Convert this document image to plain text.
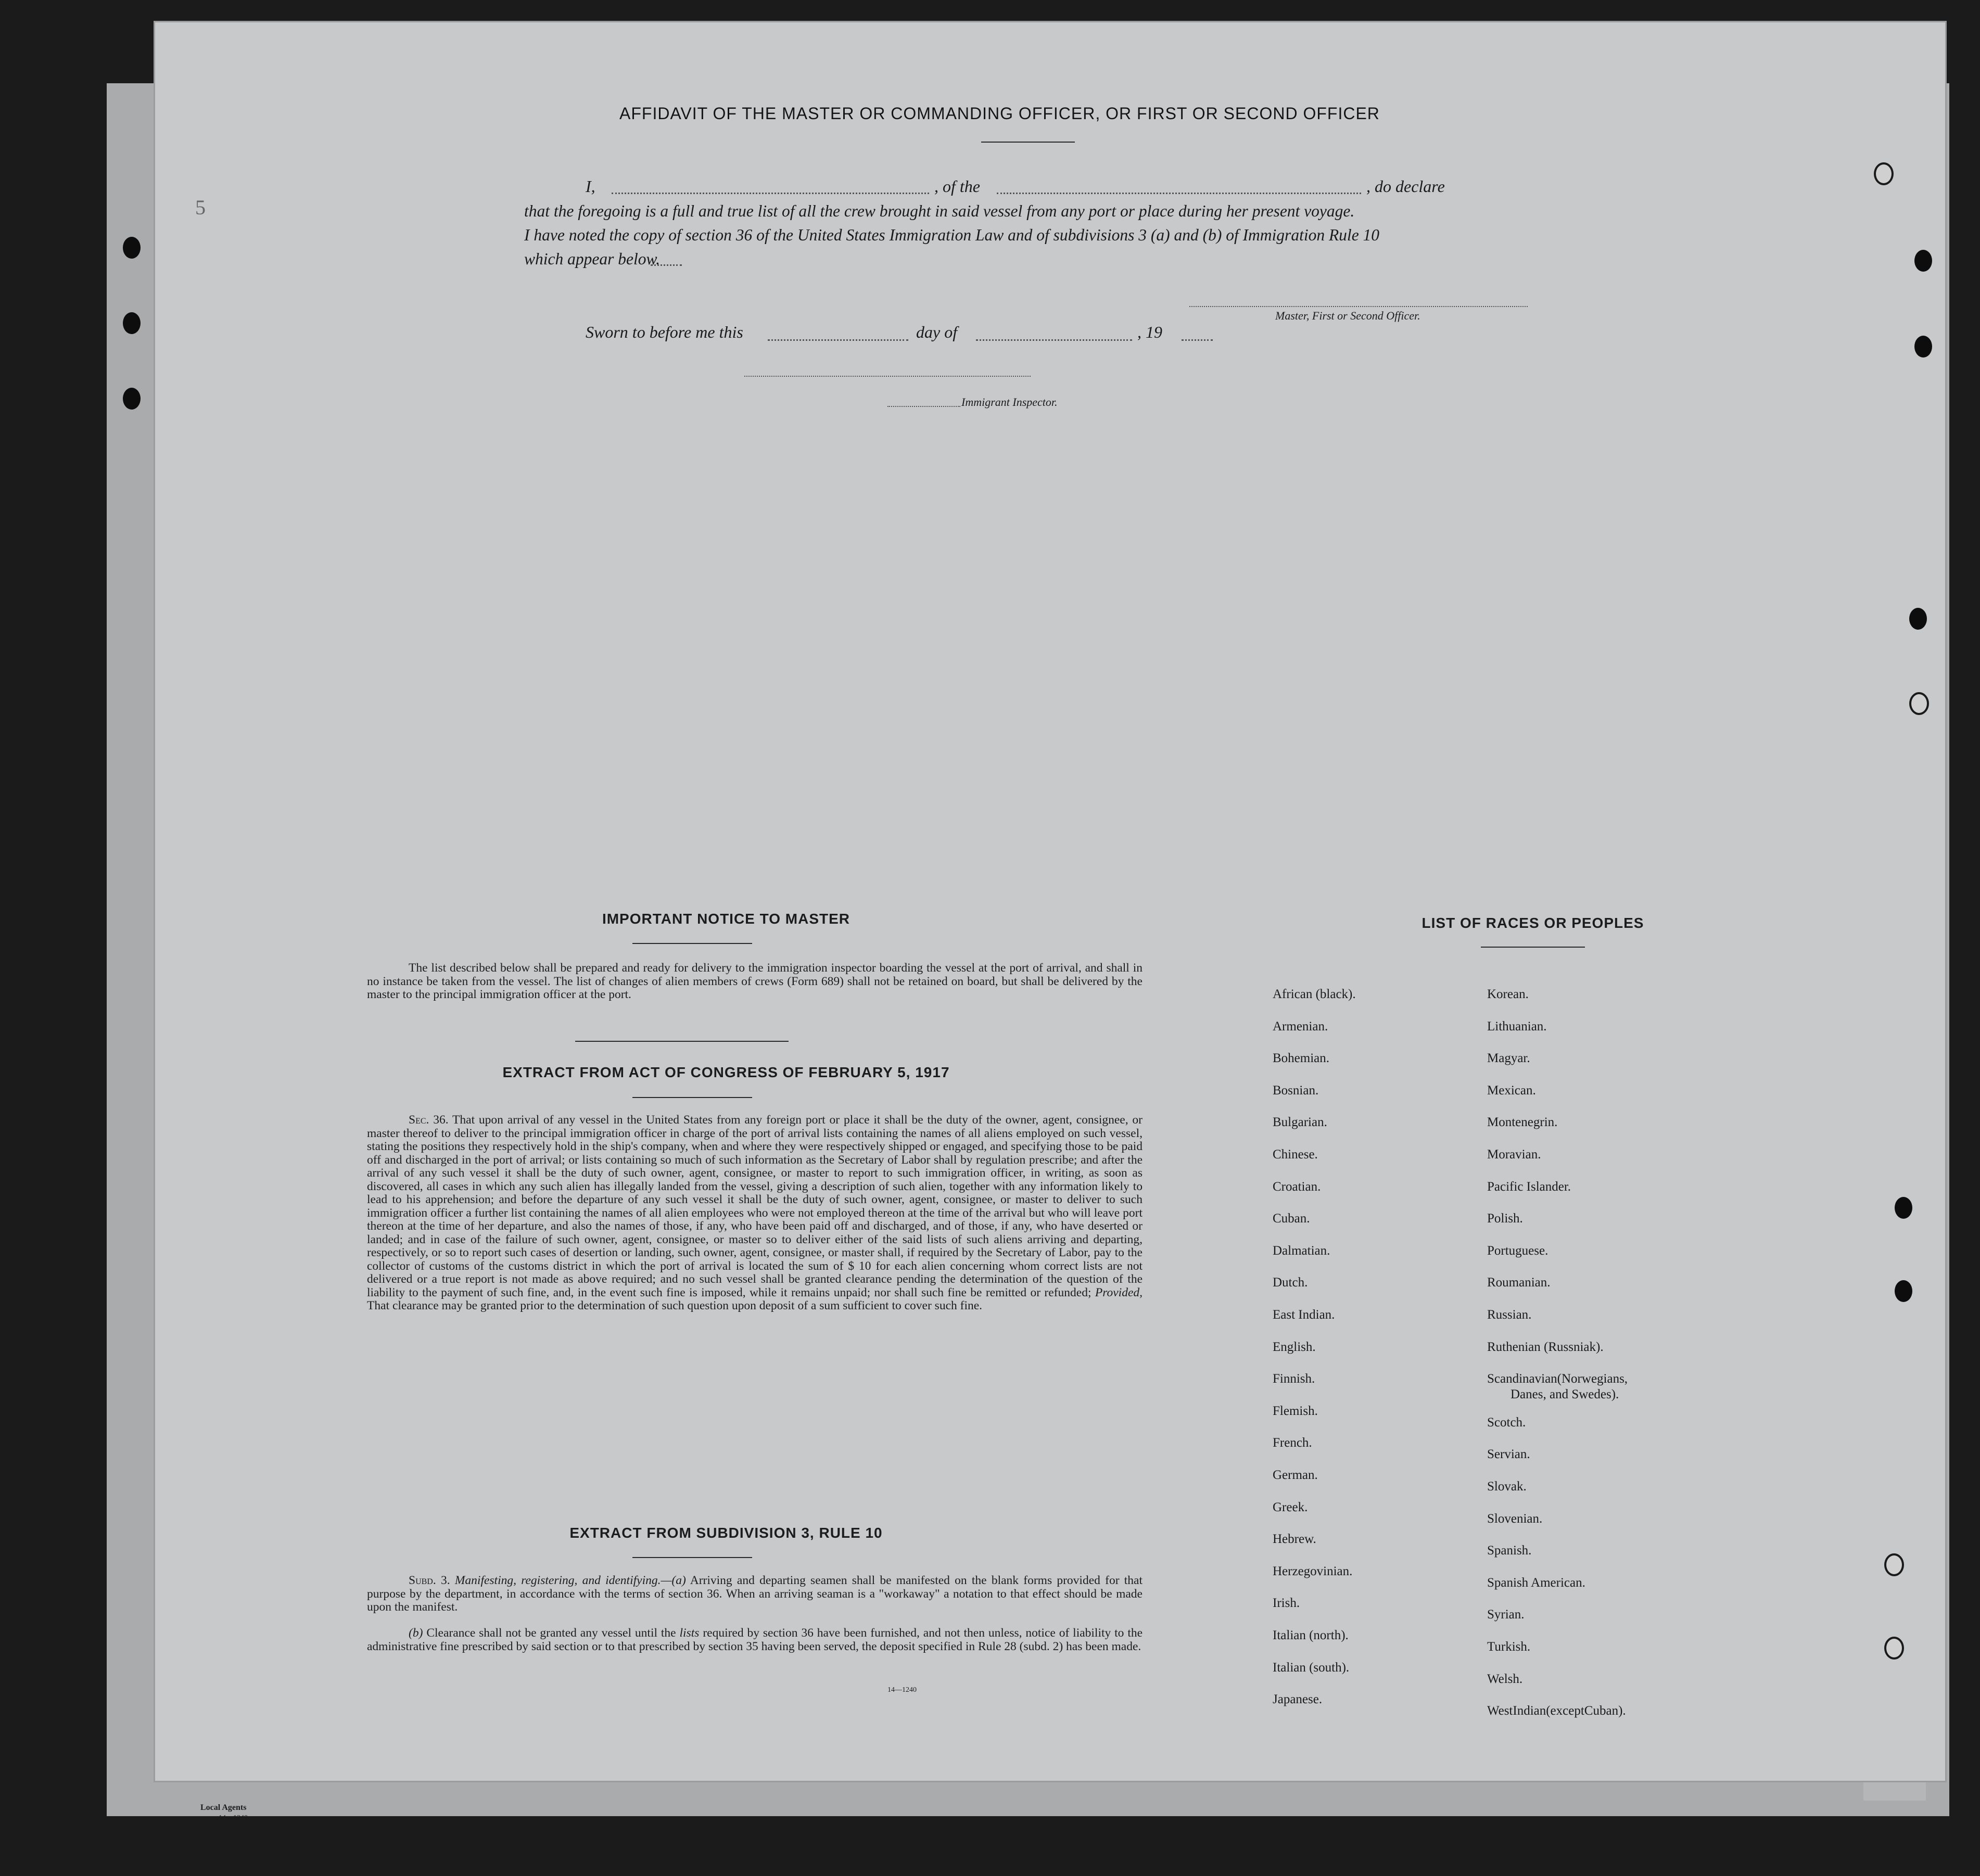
5
AFFIDAVIT OF THE MASTER OR COMMANDING OFFICER, OR FIRST OR SECOND OFFICER
I,	, of the	, do declare
that the foregoing is a full and true list of all the crew brought in said vessel from any port or place during her present voyage.
I have noted the copy of section 36 of the United States Immigration Law and of subdivisions 3 (a) and (b) of Immigration Rule 10
which appear below.
Master, First or Second Officer.
Sworn to before me this	day of	, 19
Immigrant Inspector.
IMPORTANT NOTICE TO MASTER
The list described below shall be prepared and ready for delivery to the immigration inspector boarding the vessel at the port of arrival, and shall in no instance be taken from the vessel. The list of changes of alien members of crews (Form 689) shall not be retained on board, but shall be delivered by the master to the principal immigration officer at the port.
EXTRACT FROM ACT OF CONGRESS OF FEBRUARY 5, 1917
Sec. 36. That upon arrival of any vessel in the United States from any foreign port or place it shall be the duty of the owner, agent, consignee, or master thereof to deliver to the principal immigration officer in charge of the port of arrival lists containing the names of all aliens employed on such vessel, stating the positions they respectively hold in the ship's company, when and where they were respectively shipped or engaged, and specifying those to be paid off and discharged in the port of arrival; or lists containing so much of such information as the Secretary of Labor shall by regulation prescribe; and after the arrival of any such vessel it shall be the duty of such owner, agent, consignee, or master to report to such immigration officer, in writing, as soon as discovered, all cases in which any such alien has illegally landed from the vessel, giving a description of such alien, together with any information likely to lead to his apprehension; and before the departure of any such vessel it shall be the duty of such owner, agent, consignee, or master to deliver to such immigration officer a further list containing the names of all alien employees who were not employed thereon at the time of the arrival but who will leave port thereon at the time of her departure, and also the names of those, if any, who have been paid off and discharged, and of those, if any, who have deserted or landed; and in case of the failure of such owner, agent, consignee, or master so to deliver either of the said lists of such aliens arriving and departing, respectively, or so to report such cases of desertion or landing, such owner, agent, consignee, or master shall, if required by the Secretary of Labor, pay to the collector of customs of the customs district in which the port of arrival is located the sum of $ 10 for each alien concerning whom correct lists are not delivered or a true report is not made as above required; and no such vessel shall be granted clearance pending the determination of the question of the liability to the payment of such fine, and, in the event such fine is imposed, while it remains unpaid; nor shall such fine be remitted or refunded; Provided, That clearance may be granted prior to the determination of such question upon deposit of a sum sufficient to cover such fine.
EXTRACT FROM SUBDIVISION 3, RULE 10
Subd. 3. Manifesting, registering, and identifying.—(a) Arriving and departing seamen shall be manifested on the blank forms provided for that purpose by the department, in accordance with the terms of section 36. When an arriving seaman is a "workaway" a notation to that effect should be made upon the manifest.
(b) Clearance shall not be granted any vessel until the lists required by section 36 have been furnished, and not then unless, notice of liability to the administrative fine prescribed by said section or to that prescribed by section 35 having been served, the deposit specified in Rule 28 (subd. 2) has been made.
14—1240
LIST OF RACES OR PEOPLES
Local Agents
14—1240
African (black).
Armenian.
Bohemian.
Bosnian.
Bulgarian.
Chinese.
Croatian.
Cuban.
Dalmatian.
Dutch.
East Indian.
English.
Finnish.
Flemish.
French.
German.
Greek.
Hebrew.
Herzegovinian.
Irish.
Italian (north).
Italian (south).
Japanese.
Korean.
Lithuanian.
Magyar.
Mexican.
Montenegrin.
Moravian.
Pacific Islander.
Polish.
Portuguese.
Roumanian.
Russian.
Ruthenian (Russniak).
Scandinavian(Norwegians,
Danes, and Swedes).
Scotch.
Servian.
Slovak.
Slovenian.
Spanish.
Spanish American.
Syrian.
Turkish.
Welsh.
WestIndian(exceptCuban).
